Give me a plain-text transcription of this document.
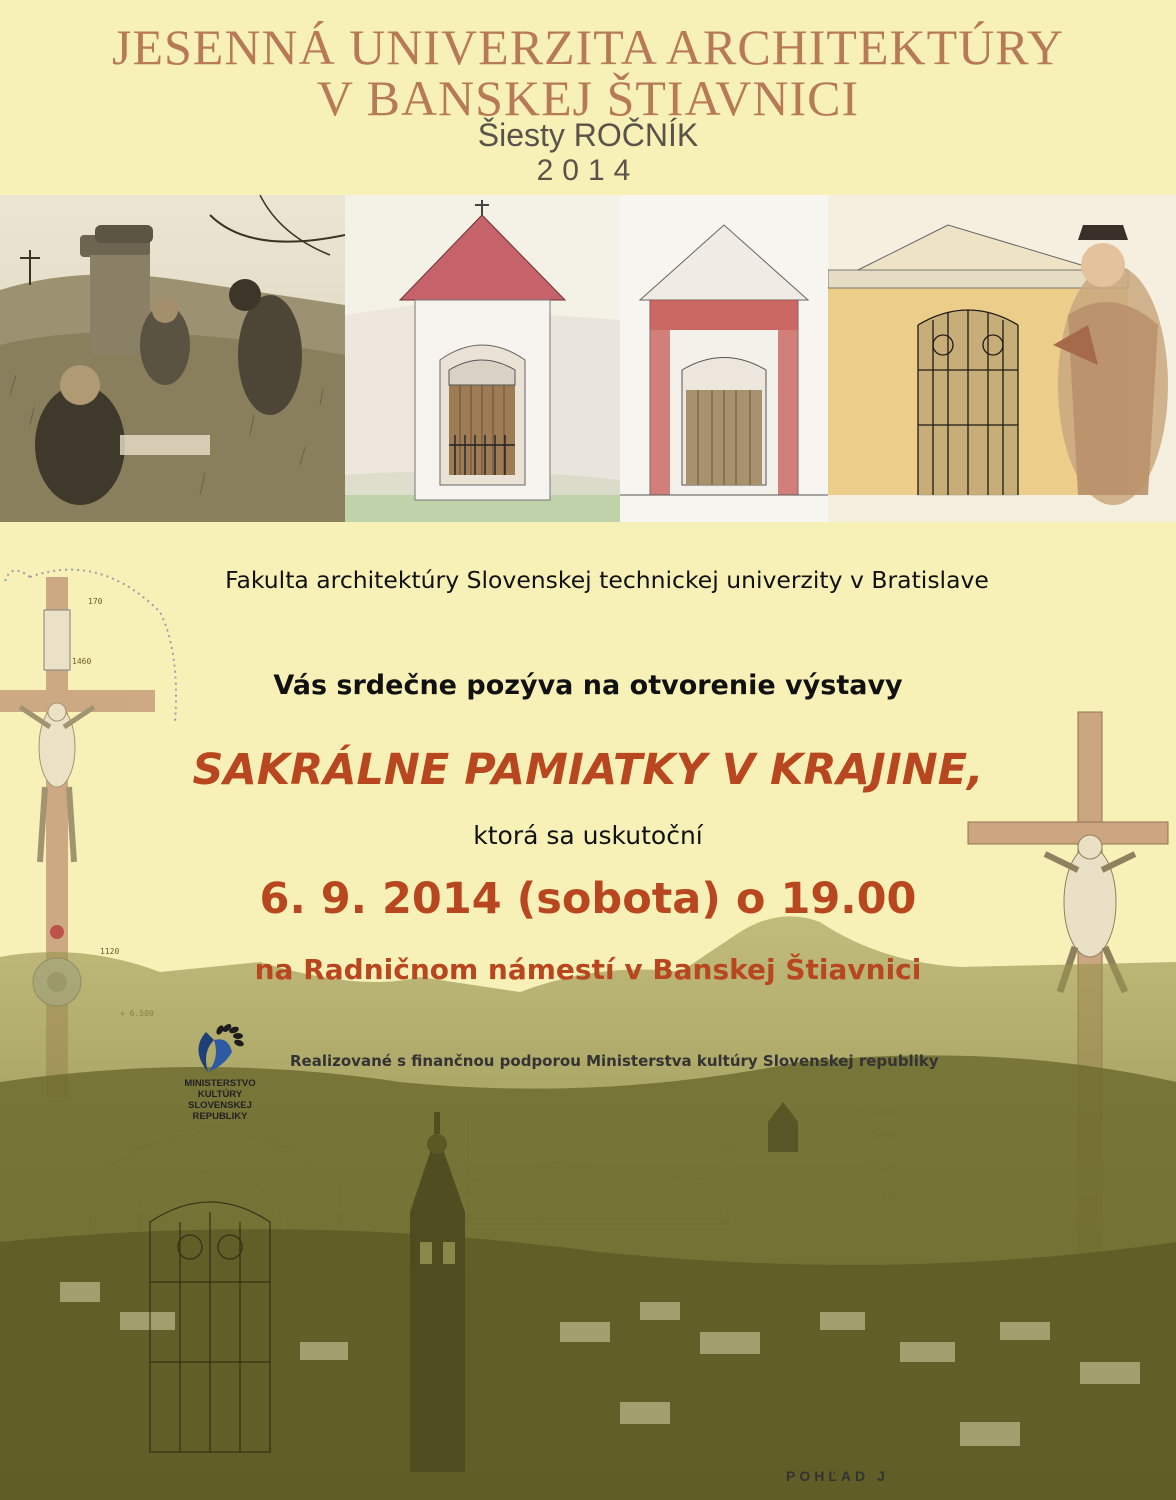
JESENNÁ UNIVERZITA ARCHITEKTÚRY
V BANSKEJ ŠTIAVNICI
Šiesty ROČNÍK
2014
170
1460
1120
Fakulta architektúry Slovenskej technickej univerzity v Bratislave
Vás srdečne pozýva na otvorenie výstavy
SAKRÁLNE PAMIATKY V KRAJINE,
ktorá sa uskutoční
6. 9. 2014 (sobota) o 19.00
na Radničnom námestí v Banskej Štiavnici
MINISTERSTVO KULTÚRY
SLOVENSKEJ REPUBLIKY
Realizované s finančnou podporou Ministerstva kultúry Slovenskej republiky
POHĽAD J
